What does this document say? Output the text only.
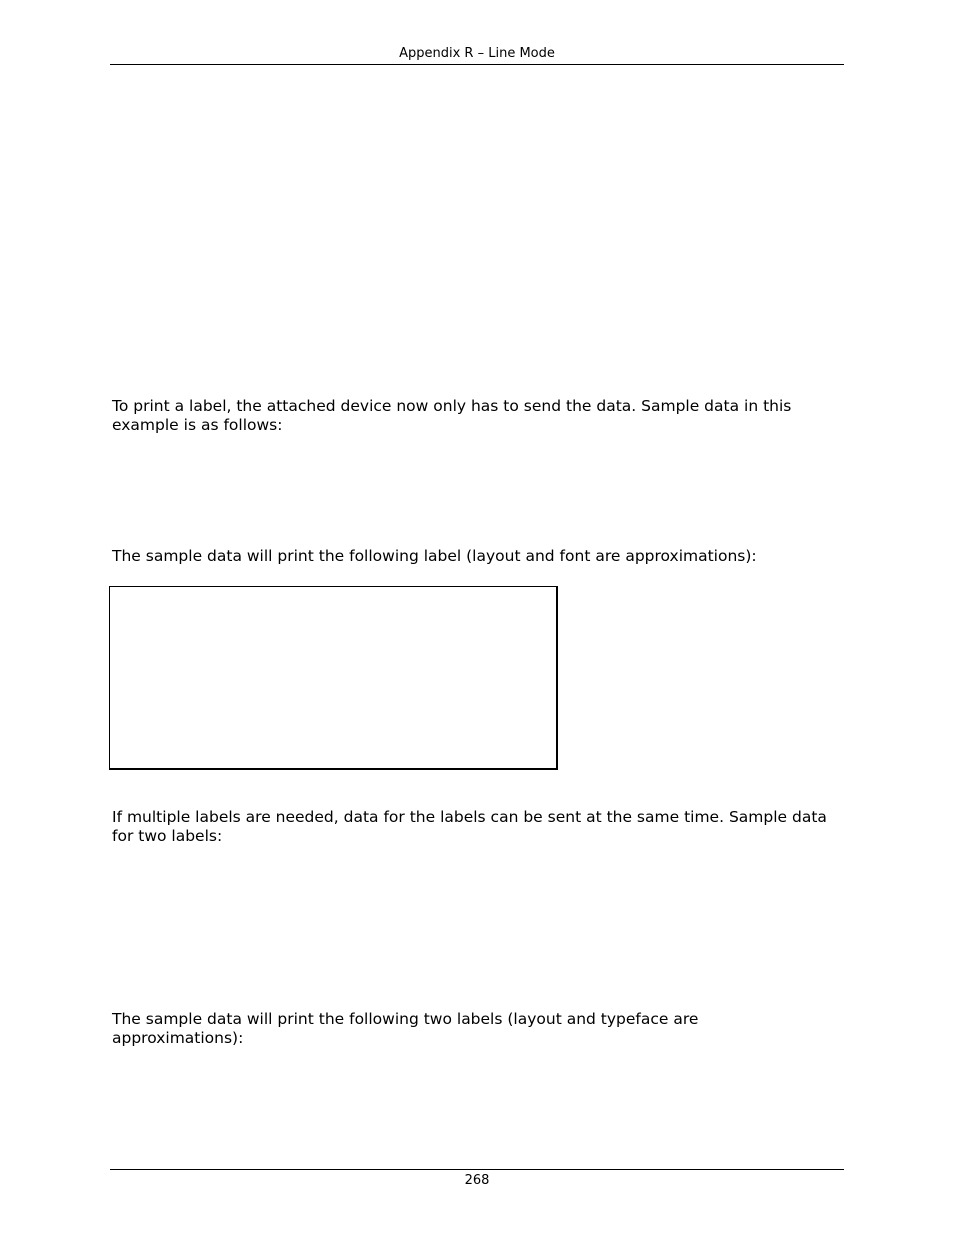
Appendix R – Line Mode

To print a label, the attached device now only has to send the data. Sample data in this
example is as follows:

The sample data will print the following label (layout and font are approximations):

If multiple labels are needed, data for the labels can be sent at the same time. Sample data
for two labels:

The sample data will print the following two labels (layout and typeface are
approximations):

268
